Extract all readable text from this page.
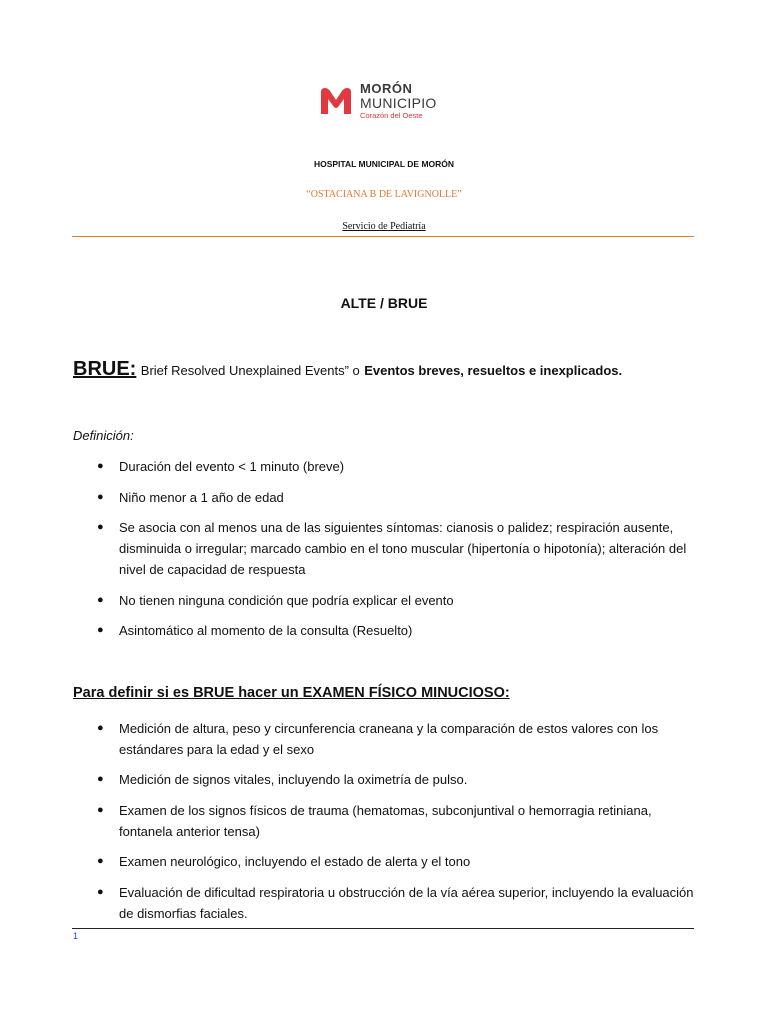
MORÓN
MUNICIPIO
Corazón del Oeste
HOSPITAL MUNICIPAL DE MORÓN
“OSTACIANA B DE LAVIGNOLLE”
Servicio de Pediatría
ALTE / BRUE
BRUE: Brief Resolved Unexplained Events” o Eventos breves, resueltos e inexplicados.
Definición:
● Duración del evento < 1 minuto (breve)
● Niño menor a 1 año de edad
● Se asocia con al menos una de las siguientes síntomas: cianosis o palidez; respiración ausente, disminuida o irregular; marcado cambio en el tono muscular (hipertonía o hipotonía); alteración del nivel de capacidad de respuesta
● No tienen ninguna condición que podría explicar el evento
● Asintomático al momento de la consulta (Resuelto)
Para definir si es BRUE hacer un EXAMEN FÍSICO MINUCIOSO:
● Medición de altura, peso y circunferencia craneana y la comparación de estos valores con los estándares para la edad y el sexo
● Medición de signos vitales, incluyendo la oximetría de pulso.
● Examen de los signos físicos de trauma (hematomas, subconjuntival o hemorragia retiniana, fontanela anterior tensa)
● Examen neurológico, incluyendo el estado de alerta y el tono
● Evaluación de dificultad respiratoria u obstrucción de la vía aérea superior, incluyendo la evaluación de dismorfias faciales.
1
